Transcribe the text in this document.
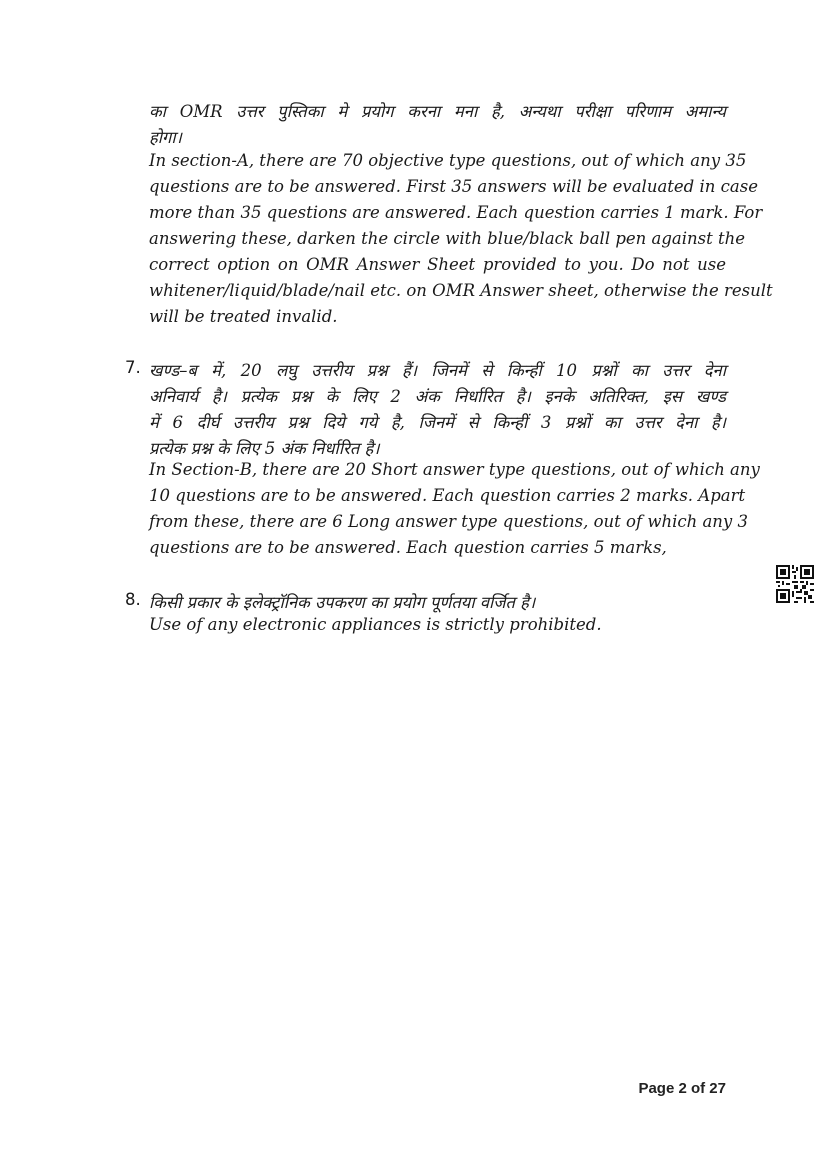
का OMR उत्तर पुस्तिका मे प्रयोग करना मना है, अन्यथा परीक्षा परिणाम अमान्य
होगा।
In section-A, there are 70 objective type questions, out of which any 35
questions are to be answered. First 35 answers will be evaluated in case
more than 35 questions are answered. Each question carries 1 mark. For
answering these, darken the circle with blue/black ball pen against the
correct option on OMR Answer Sheet provided to you. Do not use
whitener/liquid/blade/nail etc. on OMR Answer sheet, otherwise the result
will be treated invalid.
7. खण्ड–ब में, 20 लघु उत्तरीय प्रश्न हैं। जिनमें से किन्हीं 10 प्रश्नों का उत्तर देना
अनिवार्य है। प्रत्येक प्रश्न के लिए 2 अंक निर्धारित है। इनके अतिरिक्त, इस खण्ड
में 6 दीर्घ उत्तरीय प्रश्न दिये गये है, जिनमें से किन्हीं 3 प्रश्नों का उत्तर देना है।
प्रत्येक प्रश्न के लिए 5 अंक निर्धारित है।
In Section-B, there are 20 Short answer type questions, out of which any
10 questions are to be answered. Each question carries 2 marks. Apart
from these, there are 6 Long answer type questions, out of which any 3
questions are to be answered. Each question carries 5 marks,
8. किसी प्रकार के इलेक्ट्रॉनिक उपकरण का प्रयोग पूर्णतया वर्जित है।
Use of any electronic appliances is strictly prohibited.
Page 2 of 27
